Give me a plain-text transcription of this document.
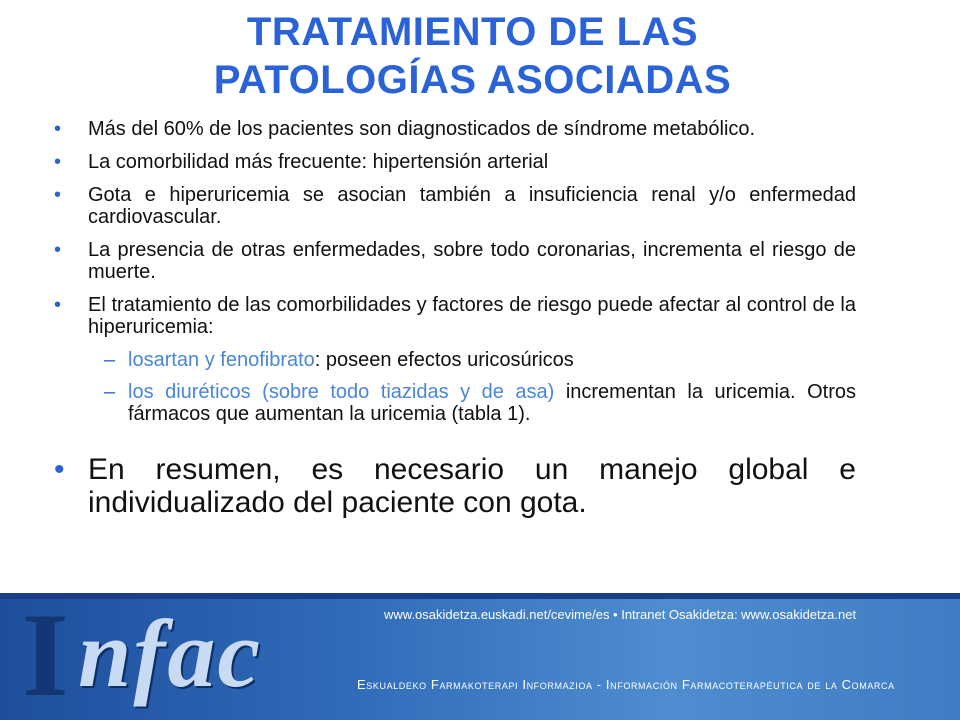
TRATAMIENTO DE LAS
PATOLOGÍAS ASOCIADAS
• Más del 60% de los pacientes son diagnosticados de síndrome metabólico.
• La comorbilidad más frecuente: hipertensión arterial
• Gota e hiperuricemia se asocian también a insuficiencia renal y/o enfermedad cardiovascular.
• La presencia de otras enfermedades, sobre todo coronarias, incrementa el riesgo de muerte.
• El tratamiento de las comorbilidades y factores de riesgo puede afectar al control de la hiperuricemia:
– losartan y fenofibrato: poseen efectos uricosúricos
– los diuréticos (sobre todo tiazidas y de asa) incrementan la uricemia. Otros fármacos que aumentan la uricemia (tabla 1).
• En resumen, es necesario un manejo global e individualizado del paciente con gota.
I nfac	www.osakidetza.euskadi.net/cevime/es • Intranet Osakidetza: www.osakidetza.net
Eskualdeko Farmakoterapi Informazioa - Información Farmacoterapéutica de la Comarca
